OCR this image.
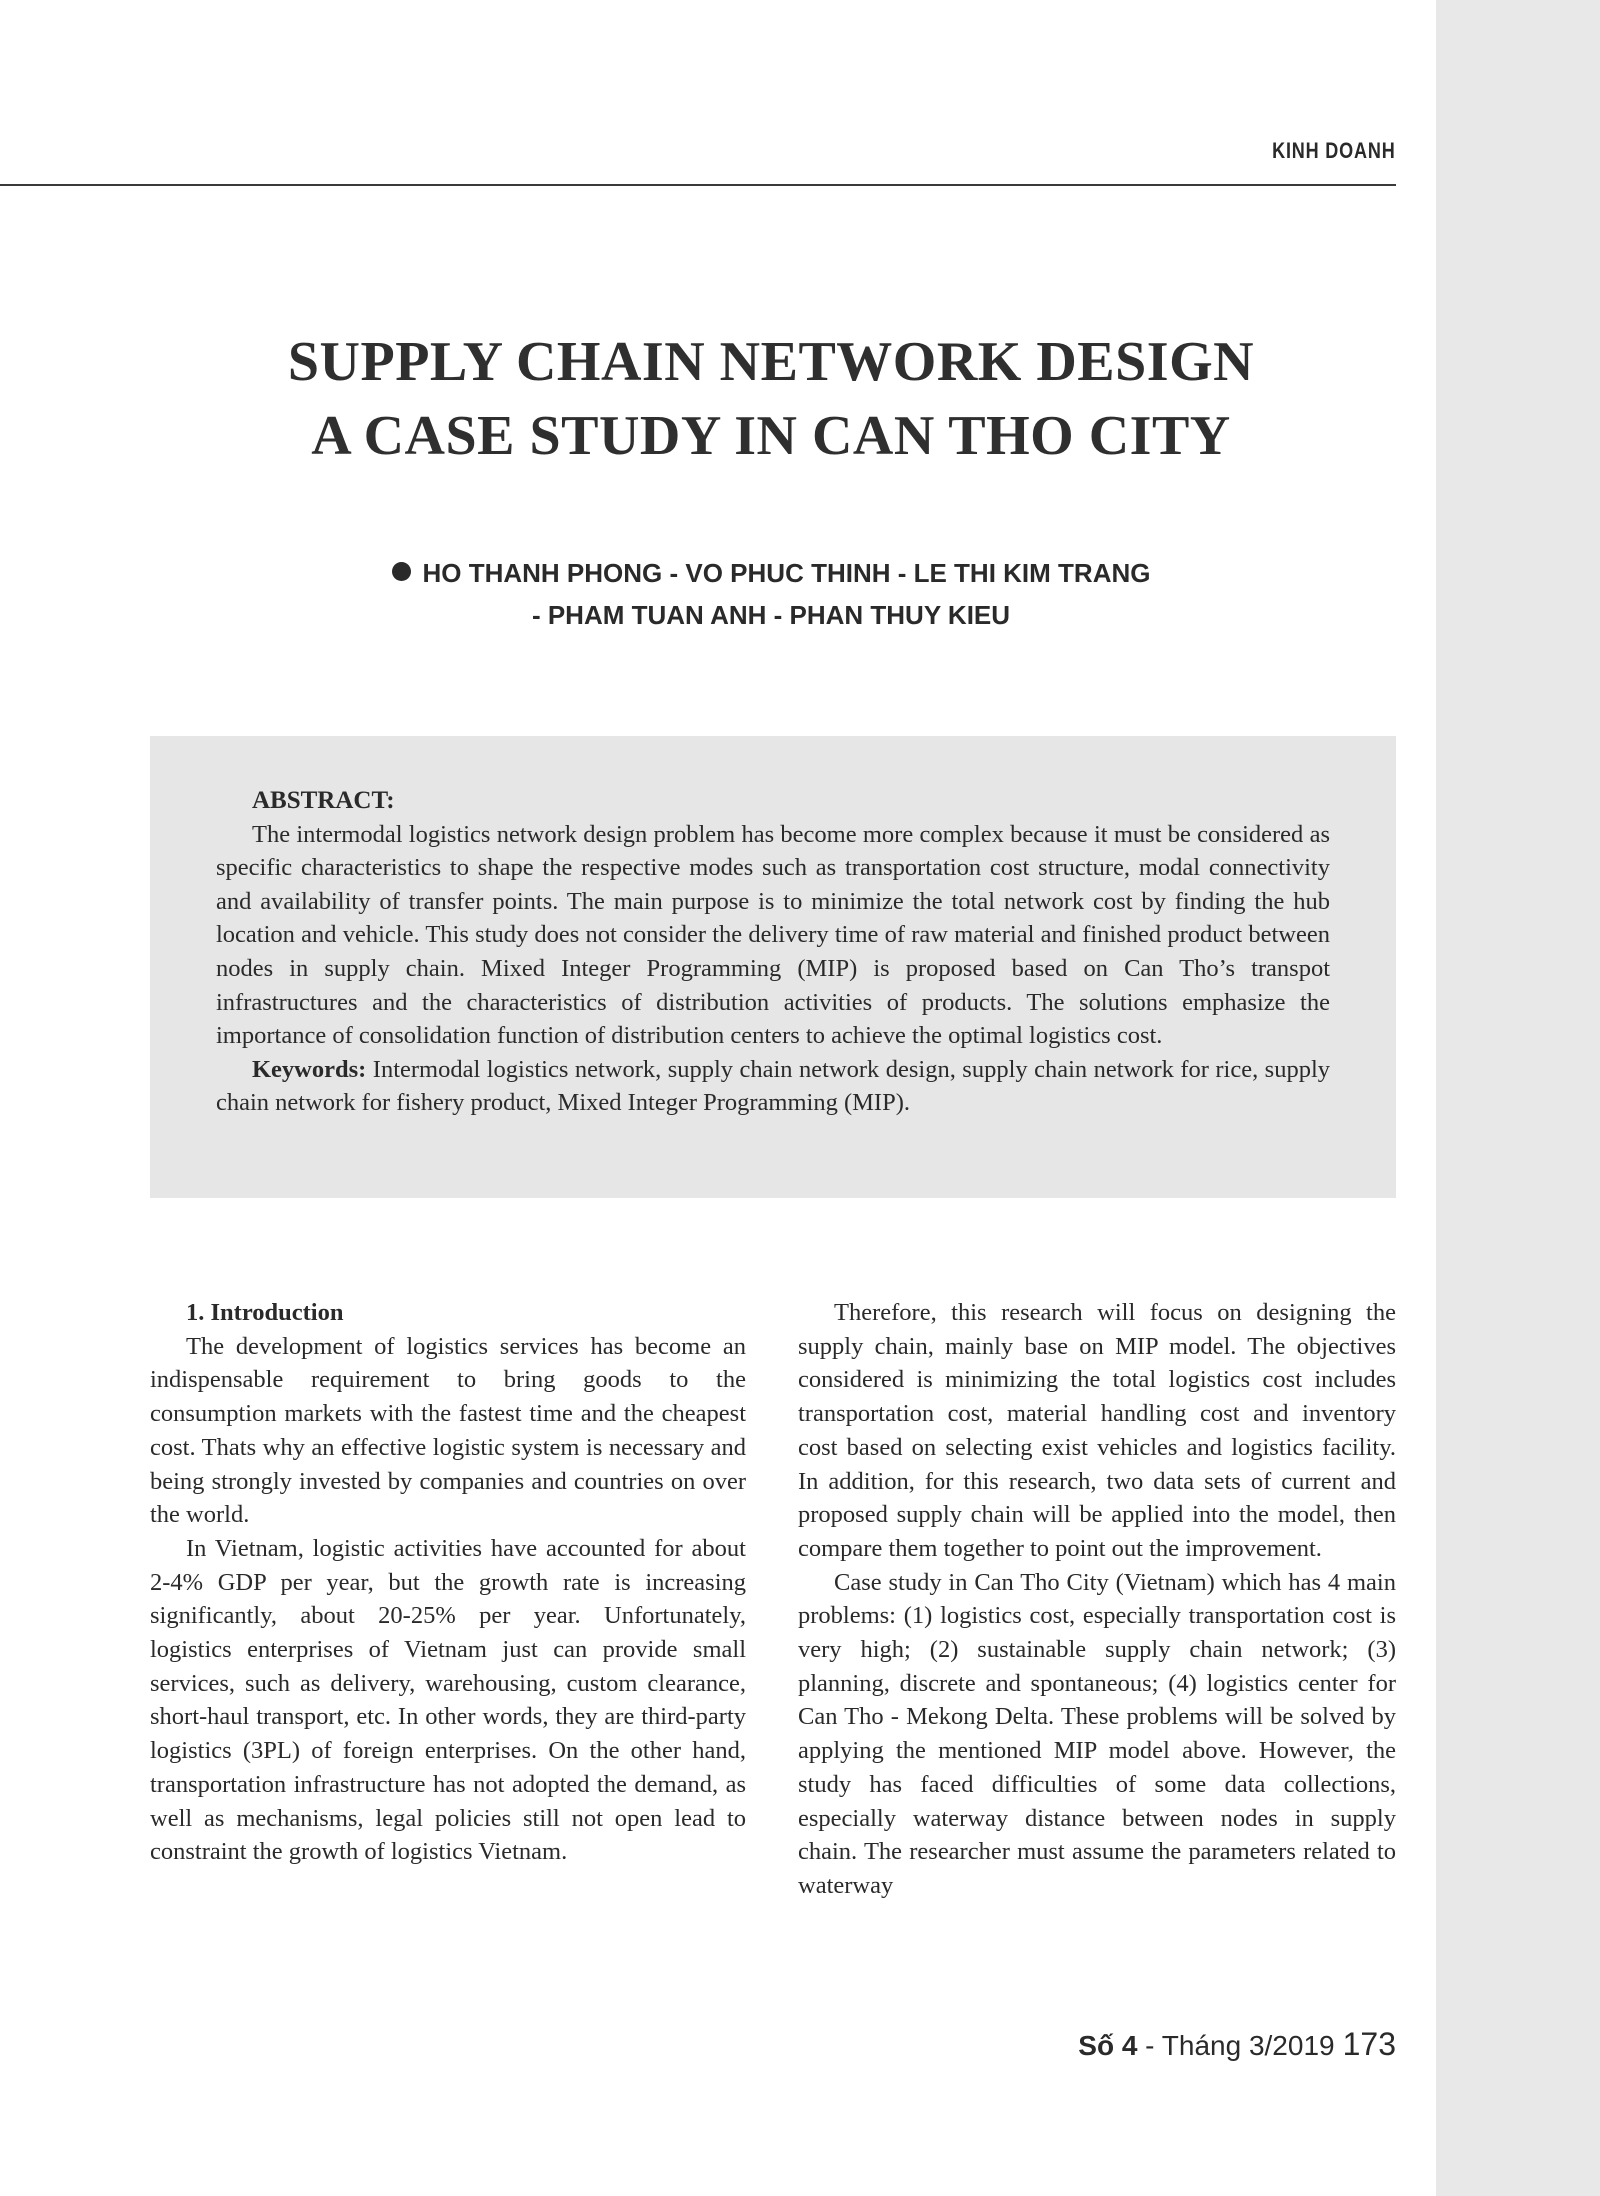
KINH DOANH
SUPPLY CHAIN NETWORK DESIGN
A CASE STUDY IN CAN THO CITY
HO THANH PHONG - VO PHUC THINH - LE THI KIM TRANG
- PHAM TUAN ANH - PHAN THUY KIEU

ABSTRACT:

The intermodal logistics network design problem has become more complex because it must be considered as specific characteristics to shape the respective modes such as transportation cost structure, modal connectivity and availability of transfer points. The main purpose is to minimize the total network cost by finding the hub location and vehicle. This study does not consider the delivery time of raw material and finished product between nodes in supply chain. Mixed Integer Programming (MIP) is proposed based on Can Tho’s transpot infrastructures and the characteristics of distribution activities of products. The solutions emphasize the importance of consolidation function of distribution centers to achieve the optimal logistics cost.

Keywords: Intermodal logistics network, supply chain network design, supply chain network for rice, supply chain network for fishery product, Mixed Integer Programming (MIP).

1. Introduction

The development of logistics services has become an indispensable requirement to bring goods to the consumption markets with the fastest time and the cheapest cost. Thats why an effective logistic system is necessary and being strongly invested by companies and countries on over the world.

In Vietnam, logistic activities have accounted for about 2-4% GDP per year, but the growth rate is increasing significantly, about 20-25% per year. Unfortunately, logistics enterprises of Vietnam just can provide small services, such as delivery, warehousing, custom clearance, short-haul transport, etc. In other words, they are third-party logistics (3PL) of foreign enterprises. On the other hand, transportation infrastructure has not adopted the demand, as well as mechanisms, legal policies still not open lead to constraint the growth of logistics Vietnam.

Therefore, this research will focus on designing the supply chain, mainly base on MIP model. The objectives considered is minimizing the total logistics cost includes transportation cost, material handling cost and inventory cost based on selecting exist vehicles and logistics facility. In addition, for this research, two data sets of current and proposed supply chain will be applied into the model, then compare them together to point out the improvement.

Case study in Can Tho City (Vietnam) which has 4 main problems: (1) logistics cost, especially transportation cost is very high; (2) sustainable supply chain network; (3) planning, discrete and spontaneous; (4) logistics center for Can Tho - Mekong Delta. These problems will be solved by applying the mentioned MIP model above. However, the study has faced difficulties of some data collections, especially waterway distance between nodes in supply chain. The researcher must assume the parameters related to waterway

Số 4 - Tháng 3/2019 173
